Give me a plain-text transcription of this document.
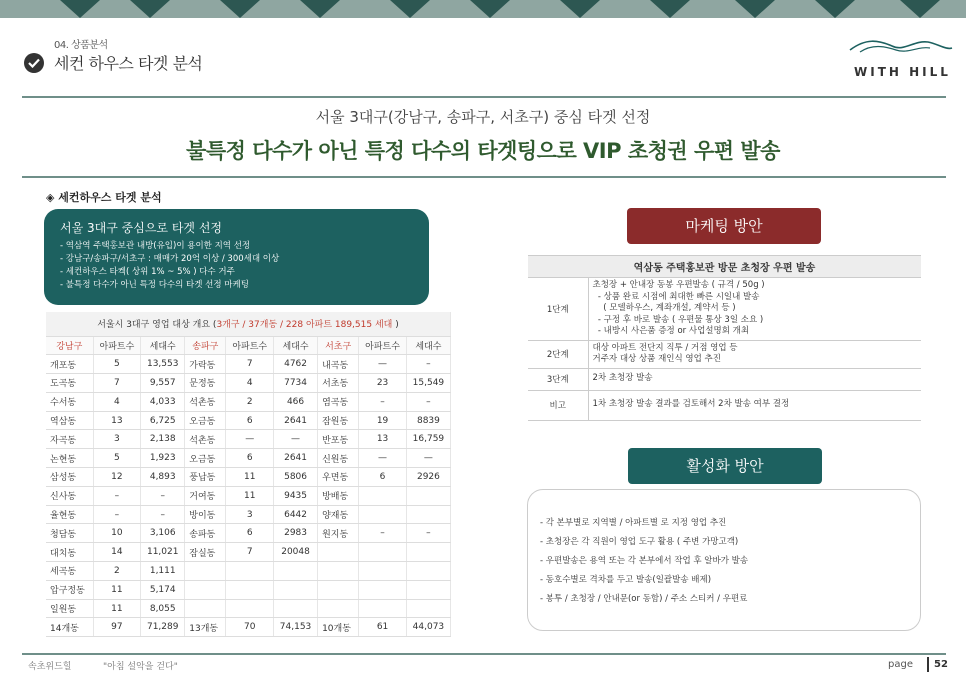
04. 상품분석
세컨 하우스 타겟 분석	WITH HILL
서울 3대구(강남구, 송파구, 서초구) 중심 타겟 선정
불특정 다수가 아닌 특정 다수의 타겟팅으로 VIP 초청권 우편 발송
◈ 세컨하우스 타겟 분석
서울 3대구 중심으로 타겟 선정
- 역삼역 주택홍보관 내방(유입)이 용이한 지역 선정
- 강남구/송파구/서초구 : 매매가 20억 이상 / 300세대 이상
- 세컨하우스 타켁( 상위 1% ~ 5% ) 다수 거주
- 불특정 다수가 아닌 특정 다수의 타겟 선정 마케팅
서울시 3대구 영업 대상 개요 (3개구 / 37개동 / 228 아파트 189,515 세대 )								
강남구	아파트수	세대수	송파구	아파트수	세대수	서초구	아파트수	세대수
개포동	5	13,553	가락동	7	4762	내곡동	—	–
도곡동	7	9,557	문정동	4	7734	서초동	23	15,549
수서동	4	4,033	석촌동	2	466	염곡동	–	–
역삼동	13	6,725	오금동	6	2641	잠원동	19	8839
자곡동	3	2,138	석촌동	—	—	반포동	13	16,759
논현동	5	1,923	오금동	6	2641	신원동	—	—
삼성동	12	4,893	풍납동	11	5806	우면동	6	2926
신사동	–	–	거여동	11	9435	방배동		
율현동	–	–	방이동	3	6442	양재동		
청담동	10	3,106	송파동	6	2983	원지동	–	–
대치동	14	11,021	잠실동	7	20048			
세곡동	2	1,111						
압구정동	11	5,174						
일원동	11	8,055						
14개동	97	71,289	13개동	70	74,153	10개동	61	44,073
마케팅 방안
역삼동 주택홍보관 방문 초청장 우편 발송	
1단계	초청장 + 안내장 동봉 우편발송 ( 규격 / 50g )
- 상품 완료 시점에 최대한 빠른 시일내 발송
( 모델하우스, 계좌개설, 계약서 등 )
- 구정 후 바로 발송 ( 우편물 통상 3일 소요 )
- 내방시 사은품 증정 or 사업설명회 개최

2단계	대상 아파트 전단지 직투 / 거점 영업 등
거주자 대상 상품 재인식 영업 추진

3단계	2차 초청장 발송

비고	1차 초청장 발송 결과를 검토해서 2차 발송 여부 결정
활성화 방안
- 각 본부별로 지역별 / 아파트별 로 지정 영업 추진
- 초청장은 각 직원이 영업 도구 활용 ( 주변 가망고객)
- 우편발송은 용역 또는 각 본부에서 작업 후 알바가 발송
- 동호수별로 격차를 두고 발송(일괄발송 배제)
- 봉투 / 초청장 / 안내문(or 동함) / 주소 스티커 / 우편료
속초위드힐	"아침 설악을 걷다"	page 52
